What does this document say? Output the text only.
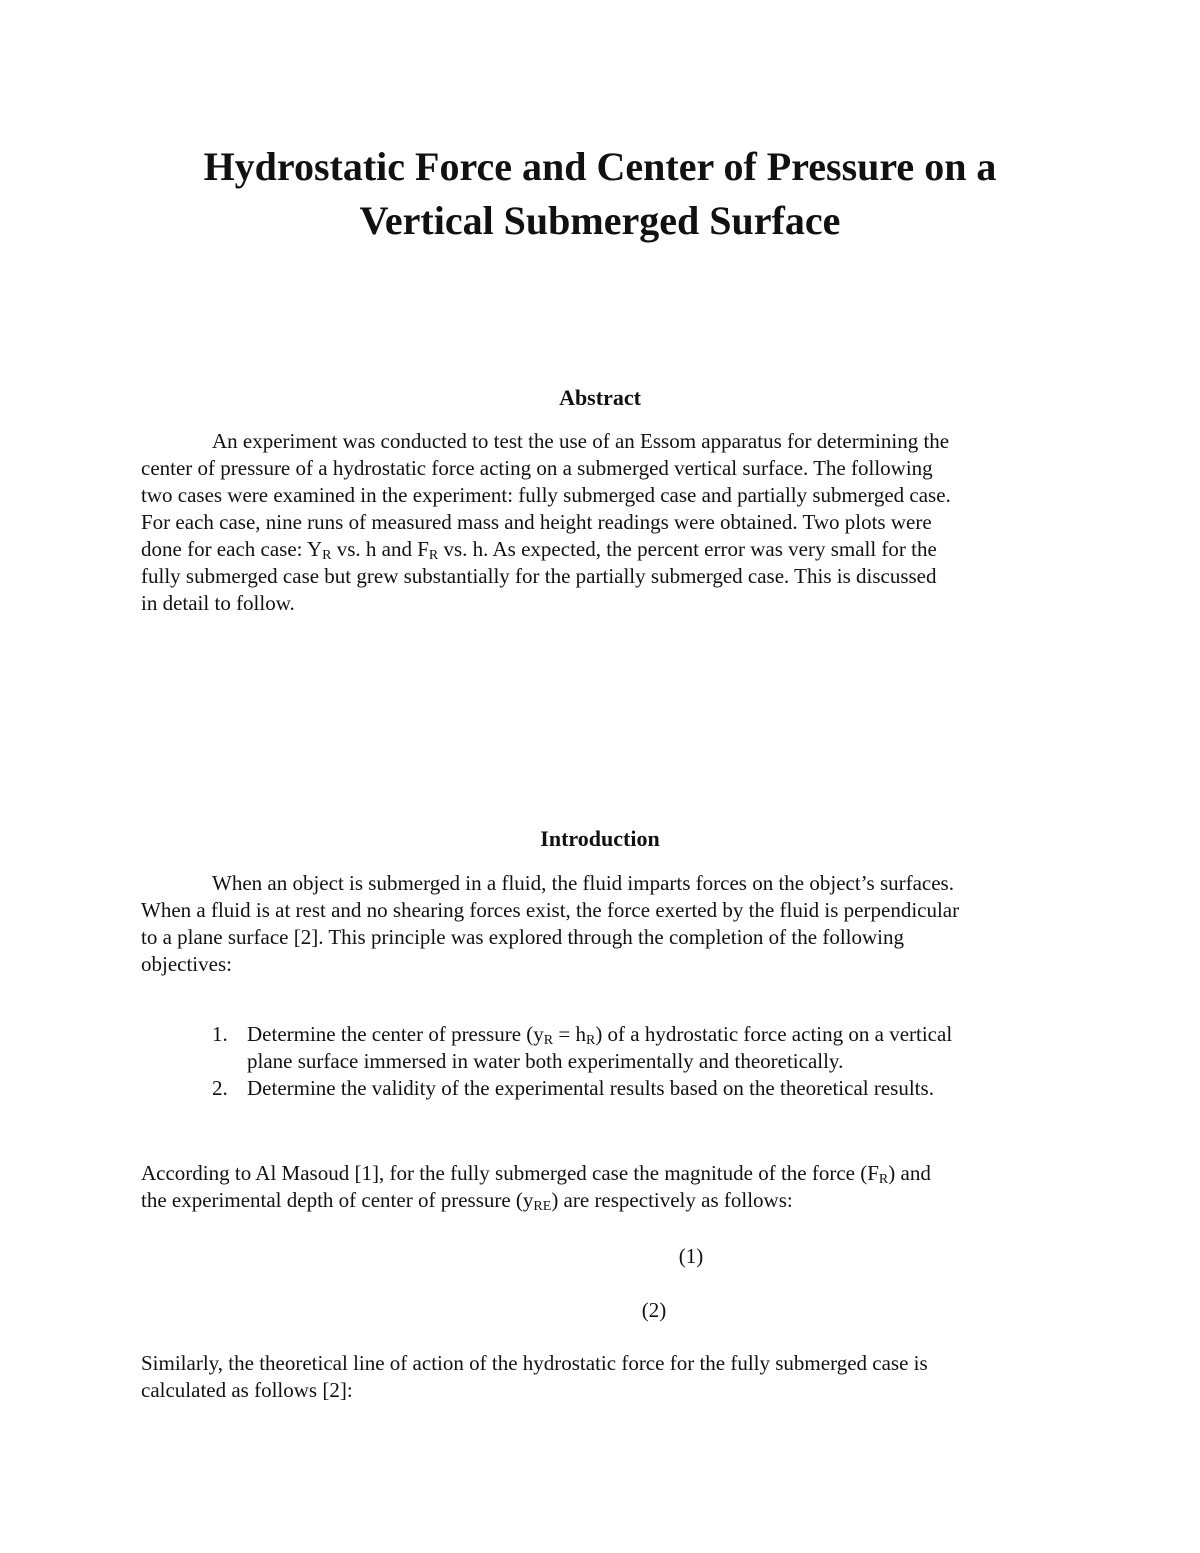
Hydrostatic Force and Center of Pressure on a
Vertical Submerged Surface
Abstract
An experiment was conducted to test the use of an Essom apparatus for determining the
center of pressure of a hydrostatic force acting on a submerged vertical surface. The following
two cases were examined in the experiment: fully submerged case and partially submerged case.
For each case, nine runs of measured mass and height readings were obtained. Two plots were
done for each case: $Y_R$ vs. h and $F_R$ vs. h. As expected, the percent error was very small for the
fully submerged case but grew substantially for the partially submerged case. This is discussed
in detail to follow.
Introduction
When an object is submerged in a fluid, the fluid imparts forces on the object’s surfaces.
When a fluid is at rest and no shearing forces exist, the force exerted by the fluid is perpendicular
to a plane surface [2]. This principle was explored through the completion of the following
objectives:
1. Determine the center of pressure $(y_R = h_R)$ of a hydrostatic force acting on a vertical
plane surface immersed in water both experimentally and theoretically.
2. Determine the validity of the experimental results based on the theoretical results.
According to Al Masoud [1], for the fully submerged case the magnitude of the force $(F_R)$ and
the experimental depth of center of pressure $(y_{RE})$ are respectively as follows:
(1)
(2)
Similarly, the theoretical line of action of the hydrostatic force for the fully submerged case is
calculated as follows [2]:
